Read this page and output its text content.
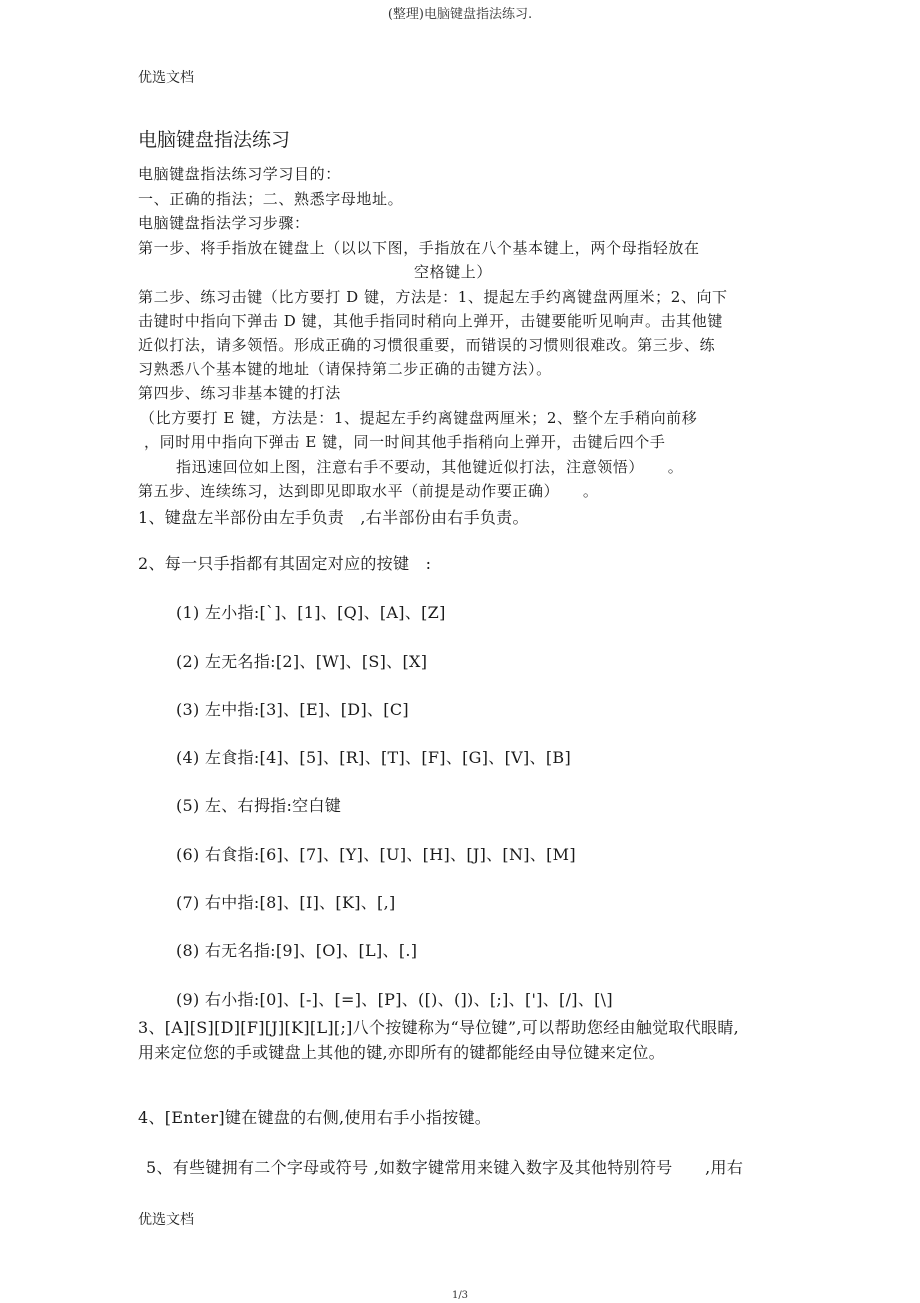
(整理)电脑键盘指法练习.
优选文档
电脑键盘指法练习
电脑键盘指法练习学习目的：
一、正确的指法；二、熟悉字母地址。
电脑键盘指法学习步骤：
第一步、将手指放在键盘上（以以下图，手指放在八个基本键上，两个母指轻放在
空格键上）
第二步、练习击键（比方要打 D 键，方法是：1、提起左手约离键盘两厘米；2、向下
击键时中指向下弹击 D 键，其他手指同时稍向上弹开，击键要能听见响声。击其他键
近似打法，请多领悟。形成正确的习惯很重要，而错误的习惯则很难改。第三步、练
习熟悉八个基本键的地址（请保持第二步正确的击键方法）。
第四步、练习非基本键的打法
（比方要打 E 键，方法是：1、提起左手约离键盘两厘米；2、整个左手稍向前移
，同时用中指向下弹击 E 键，同一时间其他手指稍向上弹开，击键后四个手
指迅速回位如上图，注意右手不要动，其他键近似打法，注意领悟）　　。
第五步、连续练习，达到即见即取水平（前提是动作要正确）　　。
1、键盘左半部份由左手负责　,右半部份由右手负责。
2、每一只手指都有其固定对应的按键　:
(1) 左小指:[`]、[1]、[Q]、[A]、[Z]
(2) 左无名指:[2]、[W]、[S]、[X]
(3) 左中指:[3]、[E]、[D]、[C]
(4) 左食指:[4]、[5]、[R]、[T]、[F]、[G]、[V]、[B]
(5) 左、右拇指:空白键
(6) 右食指:[6]、[7]、[Y]、[U]、[H]、[J]、[N]、[M]
(7) 右中指:[8]、[I]、[K]、[,]
(8) 右无名指:[9]、[O]、[L]、[.]
(9) 右小指:[0]、[-]、[=]、[P]、([)、(])、[;]、[']、[/]、[\]
3、[A][S][D][F][J][K][L][;]八个按键称为“导位键”,可以帮助您经由触觉取代眼睛,
用来定位您的手或键盘上其他的键,亦即所有的键都能经由导位键来定位。
4、[Enter]键在键盘的右侧,使用右手小指按键。
5、有些键拥有二个字母或符号 ,如数字键常用来键入数字及其他特别符号　　,用右
优选文档
1/3
